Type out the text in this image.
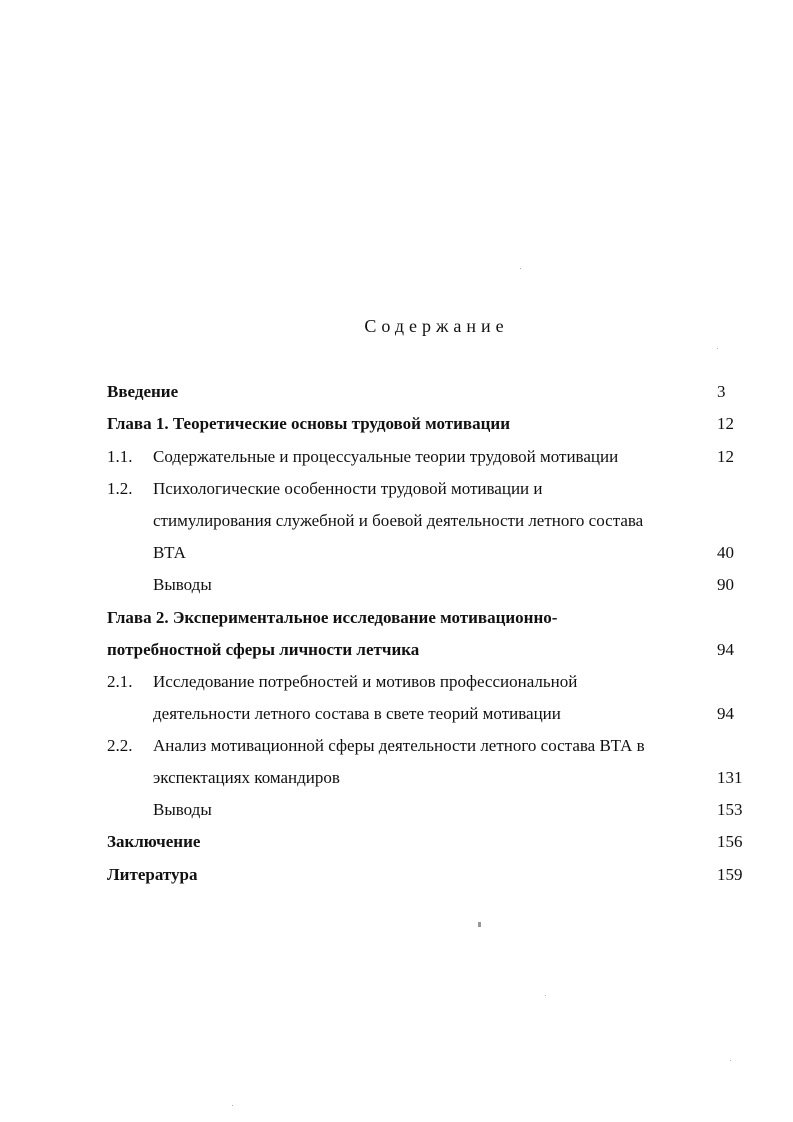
Содержание
Введение	3
Глава 1. Теоретические основы трудовой мотивации	12
1.1. Содержательные и процессуальные теории трудовой мотивации	12
1.2. Психологические особенности трудовой мотивации и
стимулирования служебной и боевой деятельности летного состава
ВТА	40
Выводы	90
Глава 2. Экспериментальное исследование мотивационно-
потребностной сферы личности летчика	94
2.1. Исследование потребностей и мотивов профессиональной
деятельности летного состава в свете теорий мотивации	94
2.2. Анализ мотивационной сферы деятельности летного состава ВТА в
экспектациях командиров	131
Выводы	153
Заключение	156
Литература	159
